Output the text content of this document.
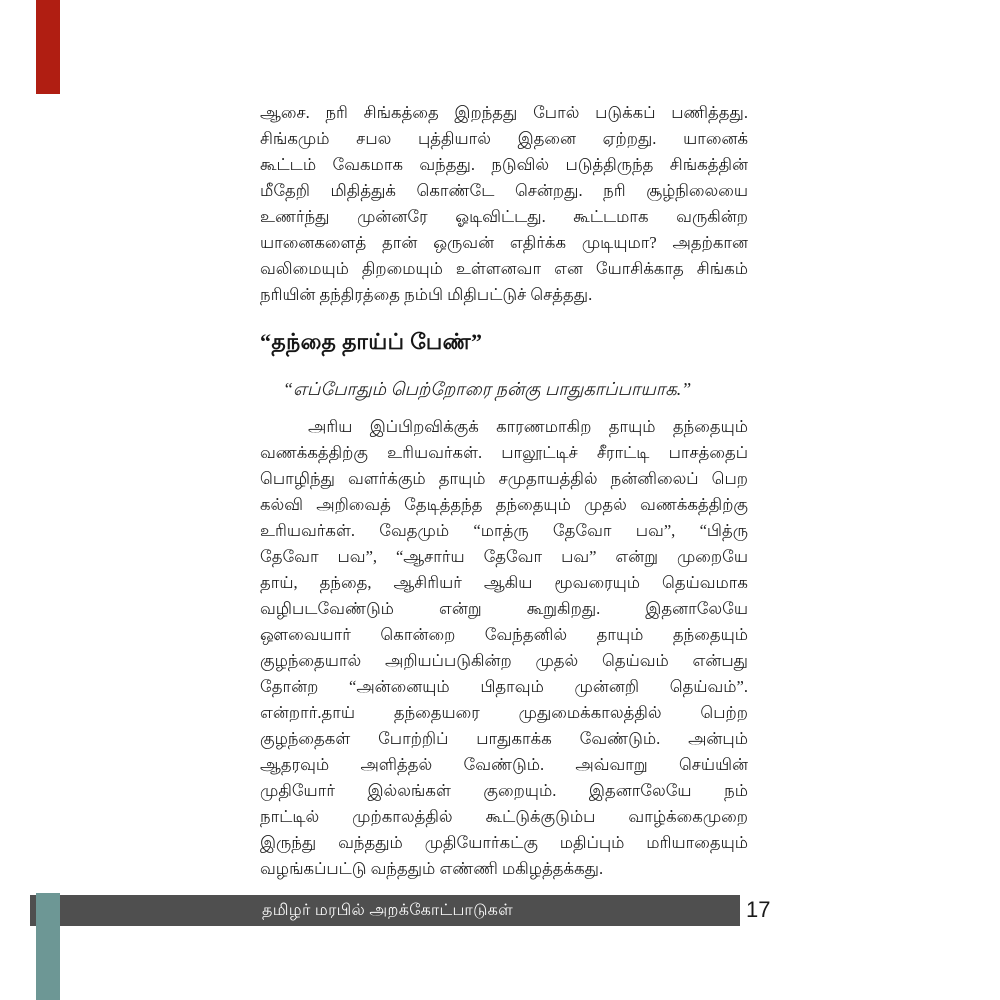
ஆசை. நரி சிங்கத்தை இறந்தது போல் படுக்கப் பணித்தது.
சிங்கமும் சபல புத்தியால் இதனை ஏற்றது. யானைக்
கூட்டம் வேகமாக வந்தது. நடுவில் படுத்திருந்த சிங்கத்தின்
மீதேறி மிதித்துக் கொண்டே சென்றது. நரி சூழ்நிலையை
உணர்ந்து முன்னரே ஓடிவிட்டது. கூட்டமாக வருகின்ற
யானைகளைத் தான் ஒருவன் எதிர்க்க முடியுமா? அதற்கான
வலிமையும் திறமையும் உள்ளனவா என யோசிக்காத சிங்கம்
நரியின் தந்திரத்தை நம்பி மிதிபட்டுச் செத்தது.
“தந்தை தாய்ப் பேண்”
“எப்போதும் பெற்றோரை நன்கு பாதுகாப்பாயாக.”
அரிய இப்பிறவிக்குக் காரணமாகிற தாயும் தந்தையும்
வணக்கத்திற்கு உரியவர்கள். பாலூட்டிச் சீராட்டி பாசத்தைப்
பொழிந்து வளர்க்கும் தாயும் சமுதாயத்தில் நன்னிலைப் பெற
கல்வி அறிவைத் தேடித்தந்த தந்தையும் முதல் வணக்கத்திற்கு
உரியவர்கள். வேதமும் “மாத்ரு தேவோ பவ”, “பித்ரு
தேவோ பவ”, “ஆசார்ய தேவோ பவ” என்று முறையே
தாய், தந்தை, ஆசிரியர் ஆகிய மூவரையும் தெய்வமாக
வழிபடவேண்டும் என்று கூறுகிறது. இதனாலேயே
ஔவையார் கொன்றை வேந்தனில் தாயும் தந்தையும்
குழந்தையால் அறியப்படுகின்ற முதல் தெய்வம் என்பது
தோன்ற “அன்னையும் பிதாவும் முன்னறி தெய்வம்”.
என்றார்.தாய் தந்தையரை முதுமைக்காலத்தில் பெற்ற
குழந்தைகள் போற்றிப் பாதுகாக்க வேண்டும். அன்பும்
ஆதரவும் அளித்தல் வேண்டும். அவ்வாறு செய்யின்
முதியோர் இல்லங்கள் குறையும். இதனாலேயே நம்
நாட்டில் முற்காலத்தில் கூட்டுக்குடும்ப வாழ்க்கைமுறை
இருந்து வந்ததும் முதியோர்கட்கு மதிப்பும் மரியாதையும்
வழங்கப்பட்டு வந்ததும் எண்ணி மகிழத்தக்கது.
தமிழர் மரபில் அறக்கோட்பாடுகள்	17
